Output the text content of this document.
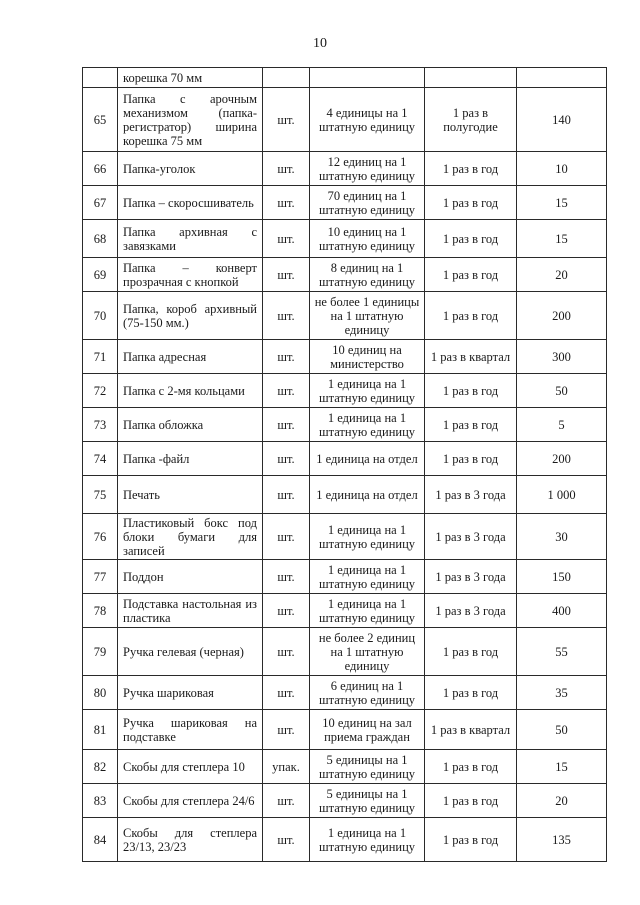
10
	корешка 70 мм				
65	Папка с арочным механизмом (папка-регистратор) ширина корешка 75 мм	шт.	4 единицы на 1 штатную единицу	1 раз в полугодие	140
66	Папка-уголок	шт.	12 единиц на 1 штатную единицу	1 раз в год	10
67	Папка – скоросшиватель	шт.	70 единиц на 1 штатную единицу	1 раз в год	15
68	Папка архивная с завязками	шт.	10 единиц на 1 штатную единицу	1 раз в год	15
69	Папка – конверт прозрачная с кнопкой	шт.	8 единиц на 1 штатную единицу	1 раз в год	20
70	Папка, короб архивный (75-150 мм.)	шт.	не более 1 единицы на 1 штатную единицу	1 раз в год	200
71	Папка адресная	шт.	10 единиц на министерство	1 раз в квартал	300
72	Папка с 2-мя кольцами	шт.	1 единица на 1 штатную единицу	1 раз в год	50
73	Папка обложка	шт.	1 единица на 1 штатную единицу	1 раз в год	5
74	Папка -файл	шт.	1 единица на отдел	1 раз в год	200
75	Печать	шт.	1 единица на отдел	1 раз в 3 года	1 000
76	Пластиковый бокс под блоки бумаги для записей	шт.	1 единица на 1 штатную единицу	1 раз в 3 года	30
77	Поддон	шт.	1 единица на 1 штатную единицу	1 раз в 3 года	150
78	Подставка настольная из пластика	шт.	1 единица на 1 штатную единицу	1 раз в 3 года	400
79	Ручка гелевая (черная)	шт.	не более 2 единиц на 1 штатную единицу	1 раз в год	55
80	Ручка шариковая	шт.	6 единиц на 1 штатную единицу	1 раз в год	35
81	Ручка шариковая на подставке	шт.	10 единиц на зал приема граждан	1 раз в квартал	50
82	Скобы для степлера 10	упак.	5 единицы на 1 штатную единицу	1 раз в год	15
83	Скобы для степлера 24/6	шт.	5 единицы на 1 штатную единицу	1 раз в год	20
84	Скобы для степлера 23/13, 23/23	шт.	1 единица на 1 штатную единицу	1 раз в год	135
